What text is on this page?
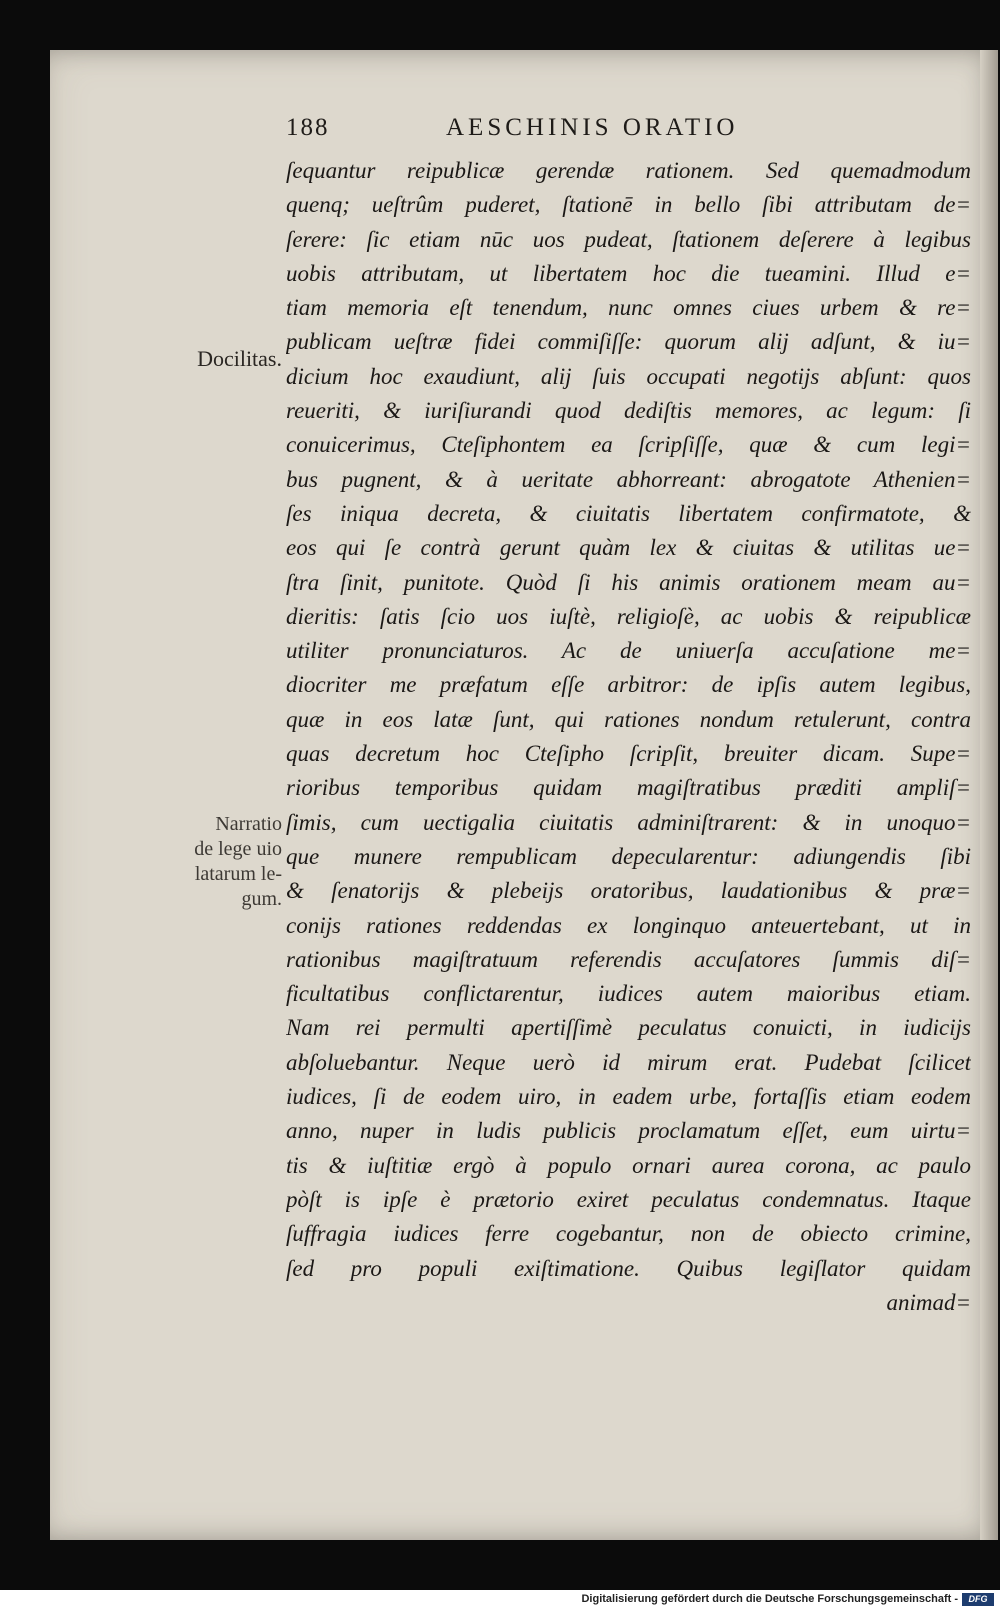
188	AESCHINIS ORATIO
Docilitas.
Narratio
de lege uio
latarum le-
gum.
ſequantur reipublicæ gerendæ rationem. Sed quemadmodum
quenq; ueſtrûm puderet, ſtationē in bello ſibi attributam de=
ſerere: ſic etiam nūc uos pudeat, ſtationem deſerere à legibus
uobis attributam, ut libertatem hoc die tueamini. Illud e=
tiam memoria eſt tenendum, nunc omnes ciues urbem & re=
publicam ueſtræ fidei commiſiſſe: quorum alij adſunt, & iu=
dicium hoc exaudiunt, alij ſuis occupati negotijs abſunt: quos
reueriti, & iuriſiurandi quod dediſtis memores, ac legum: ſi
conuicerimus, Cteſiphontem ea ſcripſiſſe, quæ & cum legi=
bus pugnent, & à ueritate abhorreant: abrogatote Athenien=
ſes iniqua decreta, & ciuitatis libertatem confirmatote, &
eos qui ſe contrà gerunt quàm lex & ciuitas & utilitas ue=
ſtra ſinit, punitote. Quòd ſi his animis orationem meam au=
dieritis: ſatis ſcio uos iuſtè, religioſè, ac uobis & reipublicæ
utiliter pronunciaturos. Ac de uniuerſa accuſatione me=
diocriter me præfatum eſſe arbitror: de ipſis autem legibus,
quæ in eos latæ ſunt, qui rationes nondum retulerunt, contra
quas decretum hoc Cteſipho ſcripſit, breuiter dicam. Supe=
rioribus temporibus quidam magiſtratibus præditi ampliſ=
ſimis, cum uectigalia ciuitatis adminiſtrarent: & in unoquo=
que munere rempublicam depecularentur: adiungendis ſibi
& ſenatorijs & plebeijs oratoribus, laudationibus & præ=
conijs rationes reddendas ex longinquo anteuertebant, ut in
rationibus magiſtratuum referendis accuſatores ſummis diſ=
ficultatibus conflictarentur, iudices autem maioribus etiam.
Nam rei permulti apertiſſimè peculatus conuicti, in iudicijs
abſoluebantur. Neque uerò id mirum erat. Pudebat ſcilicet
iudices, ſi de eodem uiro, in eadem urbe, fortaſſis etiam eodem
anno, nuper in ludis publicis proclamatum eſſet, eum uirtu=
tis & iuſtitiæ ergò à populo ornari aurea corona, ac paulo
pòſt is ipſe è prætorio exiret peculatus condemnatus. Itaque
ſuffragia iudices ferre cogebantur, non de obiecto crimine,
ſed pro populi exiſtimatione. Quibus legiſlator quidam
animad=
Digitalisierung gefördert durch die Deutsche Forschungsgemeinschaft -	DFG
